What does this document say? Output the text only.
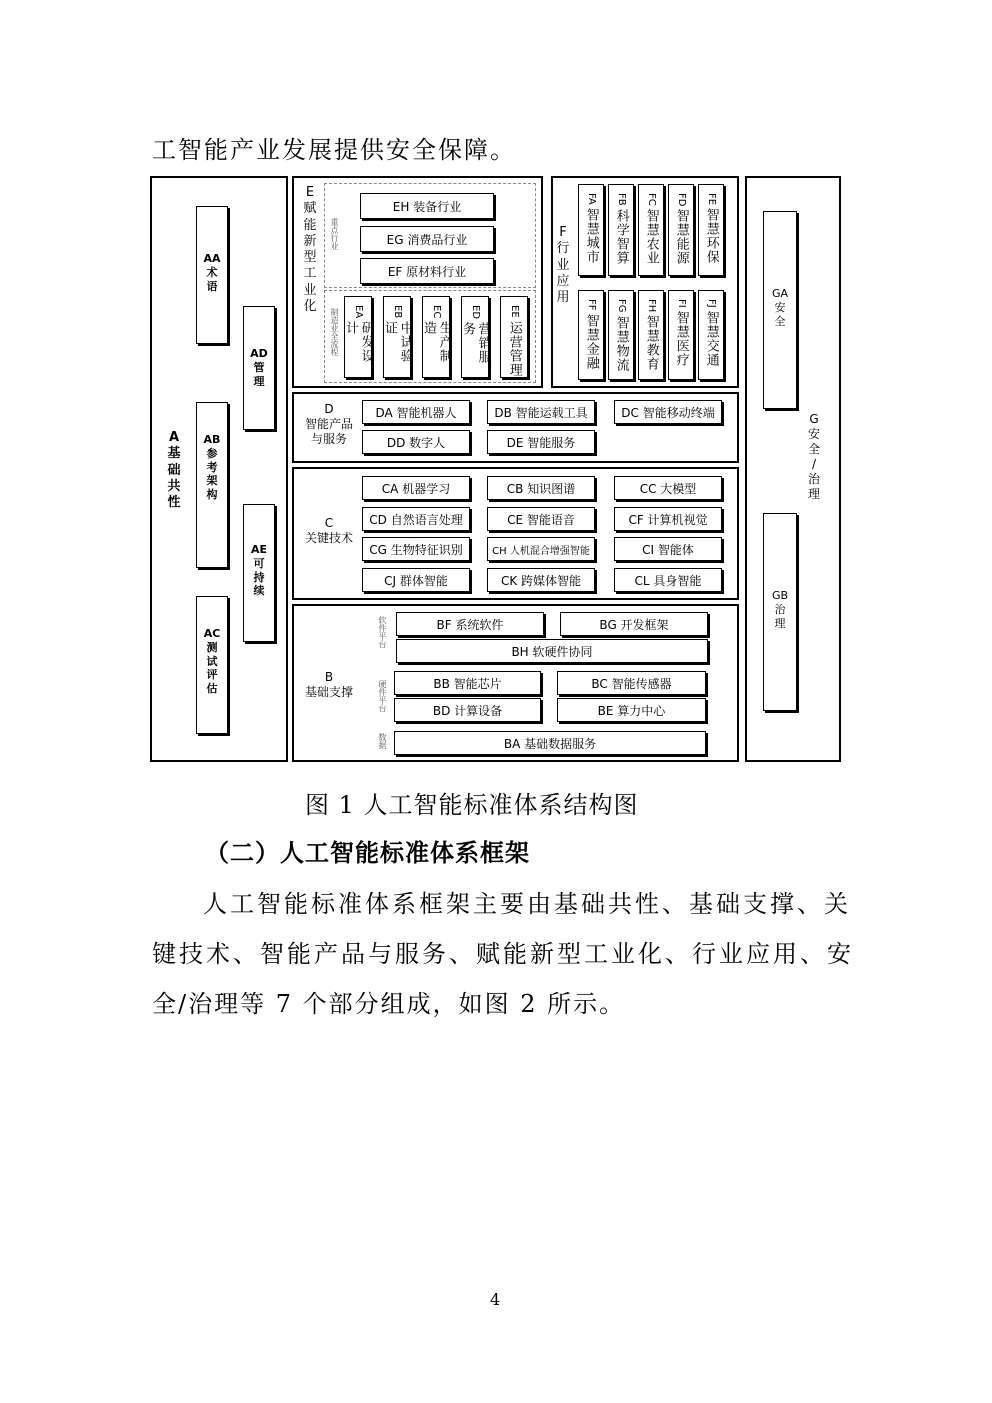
工智能产业发展提供安全保障。
A
基
础
共
性
AA
术
语
AB
参
考
架
构
AC
测
试
评
估
AD
管
理
AE
可
持
续
E
赋
能
新
型
工
业
化
重点行业
EH 装备行业
EG 消费品行业
EF 原材料行业
制造业全流程 EA
研发设计
EB
中试验证
EC
生产制造
ED
营销服务
EE
运营管理
F
行
业
应
用
FA
智慧城市
FB
科学智算
FC
智慧农业
FD
智慧能源
FE
智慧环保
FF
智慧金融
FG
智慧物流
FH
智慧教育
FI
智慧医疗
FJ
智慧交通
D
智能产品
与服务
DA 智能机器人	DB 智能运载工具	DC 智能移动终端
DD 数字人	DE 智能服务
C
关键技术
CA 机器学习	CB 知识图谱	CC 大模型
CD 自然语言处理	CE 智能语音	CF 计算机视觉
CG 生物特征识别	CH 人机混合增强智能	CI 智能体
CJ 群体智能	CK 跨媒体智能	CL 具身智能
B
基础支撑
软件平台
硬件平台
数据
BF 系统软件	BG 开发框架
BH 软硬件协同
BB 智能芯片	BC 智能传感器
BD 计算设备	BE 算力中心
BA 基础数据服务
GA
安
全
GB
治
理
G
安
全
/
治
理
图 1 人工智能标准体系结构图
（二）人工智能标准体系框架
人工智能标准体系框架主要由基础共性、基础支撑、关
键技术、智能产品与服务、赋能新型工业化、行业应用、安
全/治理等 7 个部分组成，如图 2 所示。
4
